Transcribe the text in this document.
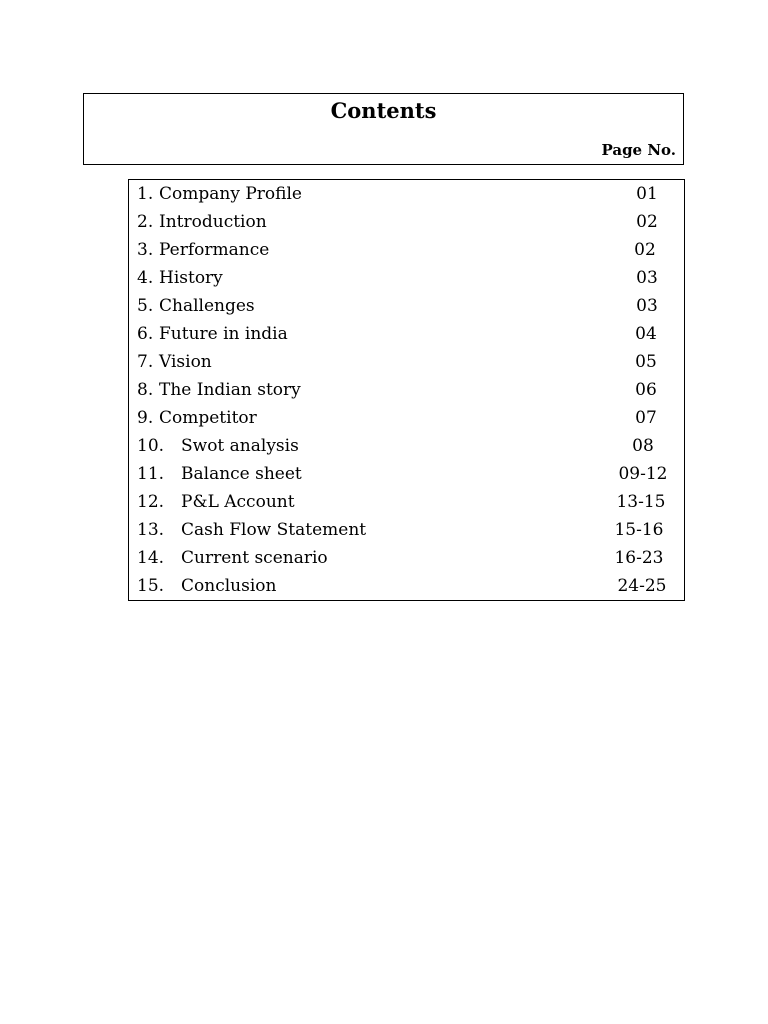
Contents
Page No.
1. Company Profile	01
2. Introduction	02
3. Performance	02
4. History	03
5. Challenges	03
6. Future in india	04
7. Vision	05
8. The Indian story	06
9. Competitor	07
10. Swot analysis	08
11. Balance sheet	09-12
12. P&L Account	13-15
13. Cash Flow Statement	15-16
14. Current scenario	16-23
15. Conclusion	24-25
